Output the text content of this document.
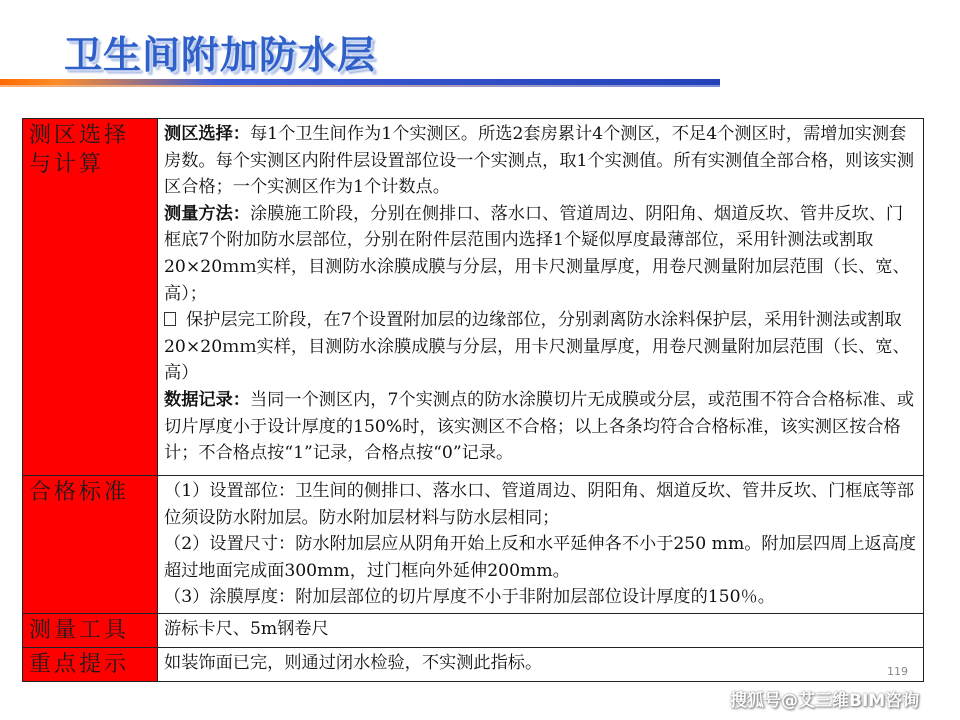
卫生间附加防水层
测区选择与计算	测区选择：每1个卫生间作为1个实测区。所选2套房累计4个测区，不足4个测区时，需增加实测套房数。每个实测区内附件层设置部位设一个实测点，取1个实测值。所有实测值全部合格，则该实测区合格；一个实测区作为1个计数点。

测量方法：涂膜施工阶段，分别在侧排口、落水口、管道周边、阴阳角、烟道反坎、管井反坎、门框底7个附加防水层部位，分别在附件层范围内选择1个疑似厚度最薄部位，采用针测法或割取20×20ｍｍ实样，目测防水涂膜成膜与分层，用卡尺测量厚度，用卷尺测量附加层范围（长、宽、高）；

保护层完工阶段，在7个设置附加层的边缘部位，分别剥离防水涂料保护层，采用针测法或割取20×20ｍｍ实样，目测防水涂膜成膜与分层，用卡尺测量厚度，用卷尺测量附加层范围（长、宽、高）

数据记录：当同一个测区内，7个实测点的防水涂膜切片无成膜或分层，或范围不符合合格标准、或切片厚度小于设计厚度的150%时，该实测区不合格；以上各条均符合合格标准，该实测区按合格计；不合格点按“1”记录，合格点按“0”记录。

合格标准	（1）设置部位：卫生间的侧排口、落水口、管道周边、阴阳角、烟道反坎、管井反坎、门框底等部位须设防水附加层。防水附加层材料与防水层相同；

（2）设置尺寸：防水附加层应从阴角开始上反和水平延伸各不小于250 mm。附加层四周上返高度超过地面完成面300mm，过门框向外延伸200mm。

（3）涂膜厚度：附加层部位的切片厚度不小于非附加层部位设计厚度的150％。

测量工具	游标卡尺、5m钢卷尺

重点提示	如装饰面已完，则通过闭水检验，不实测此指标。	119
搜狐号@艾三维BIM咨询
